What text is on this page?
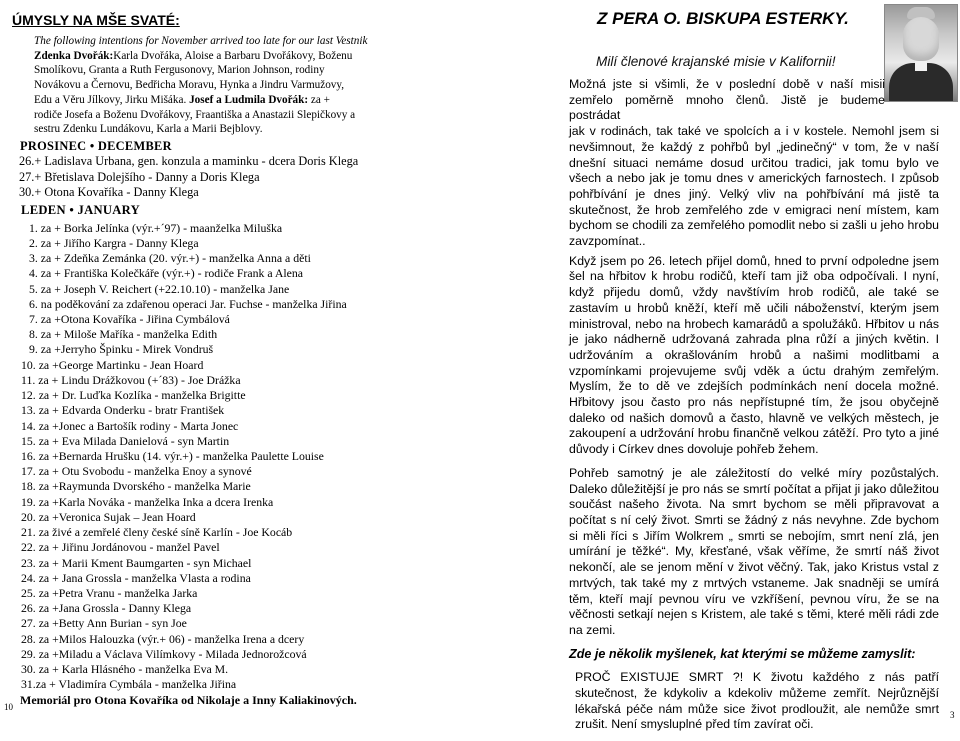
ÚMYSLY NA MŠE SVATÉ:
The following intentions for November arrived too late for our last Vestnik
Zdenka Dvořák:Karla Dvořáka, Aloise a Barbaru Dvořákovy, Boženu
Smolíkovu, Granta a Ruth Fergusonovy, Marion Johnson, rodiny
Novákovu a Černovu, Bedřicha Moravu, Hynka a Jindru Varmužovy,
Edu a Věru Jílkovy, Jirku Mišáka. Josef a Ludmila Dvořák: za +
rodiče Josefa a Boženu Dvořákovy, Fraantiška a Anastazii Slepičkovy a
sestru Zdenku Lundákovu, Karla a Marii Bejblovy.
PROSINEC • DECEMBER
26.+ Ladislava Urbana, gen. konzula a maminku - dcera Doris Klega
27.+ Břetislava Dolejšího - Danny a Doris Klega
30.+ Otona Kovaříka - Danny Klega
LEDEN • JANUARY
1. za + Borka Jelínka (výr.+´97) - maanželka Miluška
2. za + Jiřího Kargra - Danny Klega
3. za + Zdeňka Zemánka (20. výr.+) - manželka Anna a děti
4. za + Františka Kolečkáře (výr.+) - rodiče Frank a Alena
5. za + Joseph V. Reichert (+22.10.10) - manželka Jane
6. na poděkování za zdařenou operaci Jar. Fuchse - manželka Jiřina
7. za +Otona Kovaříka - Jiřina Cymbálová
8. za + Miloše Maříka - manželka Edith
9. za +Jerryho Špinku - Mirek Vondruš
10. za +George Martinku - Jean Hoard
11. za + Lindu Drážkovou (+´83) - Joe Drážka
12. za + Dr. Luďka Kozlíka - manželka Brigitte
13. za + Edvarda Onderku - bratr František
14. za +Jonec a Bartošík rodiny - Marta Jonec
15. za + Eva Milada Danielová - syn Martin
16. za +Bernarda Hrušku (14. výr.+) - manželka Paulette Louise
17. za + Otu Svobodu - manželka Enoy a synové
18. za +Raymunda Dvorského - manželka Marie
19. za +Karla Nováka - manželka Inka a dcera Irenka
20. za +Veronica Sujak – Jean Hoard
21. za živé a zemřelé členy české síně Karlín - Joe Kocáb
22. za + Jiřinu Jordánovou - manžel Pavel
23. za + Marii Kment Baumgarten - syn Michael
24. za + Jana Grossla - manželka Vlasta a rodina
25. za +Petra Vranu - manželka Jarka
26. za +Jana Grossla - Danny Klega
27. za +Betty Ann Burian - syn Joe
28. za +Milos Halouzka (výr.+ 06) - manželka Irena a dcery
29. za +Miladu a Václava Vilímkovy - Milada Jednorožcová
30. za + Karla Hlásného - manželka Eva M.
31.za + Vladimíra Cymbála - manželka Jiřina
Memoriál pro Otona Kovaříka od Nikolaje a Inny Kaliakinových.
10
Z PERA O. BISKUPA ESTERKY.
Milí členové krajanské misie v Kalifornii!

Možná jste si všimli, že v poslední době v naší misii zemřelo poměrně mnoho členů. Jistě je budeme postrádat
jak v rodinách, tak také ve spolcích a i v kostele. Nemohl jsem si nevšimnout, že každý z pohřbů byl „jedinečný“ v tom, že v naší dnešní situaci nemáme dosud určitou tradici, jak tomu bylo ve všech a nebo jak je tomu dnes v amerických farnostech. I způsob pohřbívání je dnes jiný. Velký vliv na pohřbívání má jistě ta skutečnost, že hrob zemřelého zde v emigraci není místem, kam bychom se chodili za zemřelého pomodlit nebo si zašli u jeho hrobu zavzpomínat..

Když jsem po 26. letech přijel domů, hned to první odpoledne jsem šel na hřbitov k hrobu rodičů, kteří tam již oba odpočívali. I nyní, když přijedu domů, vždy navštívím hrob rodičů, ale také se zastavím u hrobů kněží, kteří mě učili náboženství, kterým jsem ministroval, nebo na hrobech kamarádů a spolužáků. Hřbitov u nás je jako nádherně udržovaná zahrada plna růží a jiných květin. I udržováním a okrašlováním hrobů a našimi modlitbami a vzpomínkami projevujeme svůj vděk a úctu drahým zemřelým. Myslím, že to dě ve zdejších podmínkách není docela možné. Hřbitovy jsou často pro nás nepřístupné tím, že jsou obyčejně daleko od našich domovů a často, hlavně ve velkých městech, je zakoupení a udržování hrobu finančně velkou zátěží. Pro tyto a jiné důvody i Církev dnes dovoluje pohřeb žehem.

Pohřeb samotný je ale záležitostí do velké míry pozůstalých. Daleko důležitější je pro nás se smrtí počítat a přijat ji jako důležitou součást našeho života. Na smrt bychom se měli připravovat a počítat s ní celý život. Smrti se žádný z nás nevyhne. Zde bychom si měli říci s Jiřím Wolkrem „ smrti se nebojím, smrt není zlá, jen umírání je těžké“. My, křesťané, však věříme, že smrtí náš život nekončí, ale se jenom mění v život věčný. Tak, jako Kristus vstal z mrtvých, tak také my z mrtvých vstaneme. Jak snadněji se umírá těm, kteří mají pevnou víru ve vzkříšení, pevnou víru, že se na věčnosti setkají nejen s Kristem, ale také s těmi, které měli rádi zde na zemi.

Zde je několik myšlenek, kat kterými se můžeme zamyslit:

PROČ EXISTUJE SMRT ?! K životu každého z nás patří skutečnost, že kdykoliv a kdekoliv můžeme zemřít. Nejrůznější lékařská péče nám může sice život prodloužit, ale nemůže smrt zrušit. Není smysluplné před tím zavírat oči.

3
